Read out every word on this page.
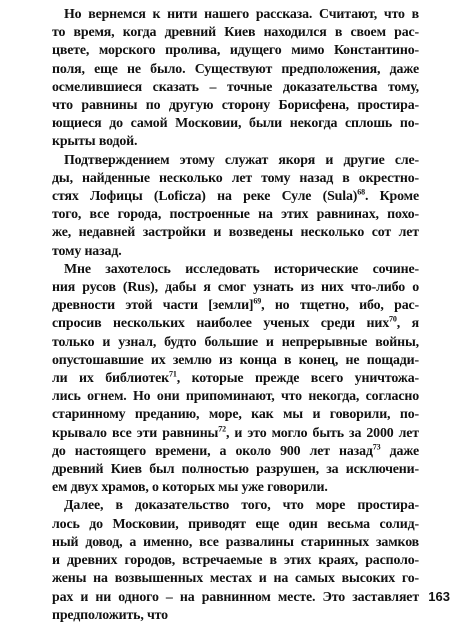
Но вернемся к нити нашего рассказа. Считают, что в
то время, когда древний Киев находился в своем рас-
цвете, морского пролива, идущего мимо Константино-
поля, еще не было. Существуют предположения, даже
осмелившиеся сказать – точные доказательства тому,
что равнины по другую сторону Борисфена, простира-
ющиеся до самой Московии, были некогда сплошь по-
крыты водой.

Подтверждением этому служат якоря и другие сле-
ды, найденные несколько лет тому назад в окрестно-
стях Лофицы (Loficza) на реке Суле (Sula)$^{68}$. Кроме
того, все города, построенные на этих равнинах, похо-
же, недавней застройки и возведены несколько сот лет
тому назад.

Мне захотелось исследовать исторические сочине-
ния русов (Rus), дабы я смог узнать из них что-либо о
древности этой части [земли]$^{69}$, но тщетно, ибо, рас-
спросив нескольких наиболее ученых среди них$^{70}$, я
только и узнал, будто большие и непрерывные войны,
опустошавшие их землю из конца в конец, не пощади-
ли их библиотек$^{71}$, которые прежде всего уничтожа-
лись огнем. Но они припоминают, что некогда, согласно
старинному преданию, море, как мы и говорили, по-
крывало все эти равнины$^{72}$, и это могло быть за 2000 лет
до настоящего времени, а около 900 лет назад$^{73}$ даже
древний Киев был полностью разрушен, за исключени-
ем двух храмов, о которых мы уже говорили.

Далее, в доказательство того, что море простира-
лось до Московии, приводят еще один весьма солид-
ный довод, а именно, все развалины старинных замков
и древних городов, встречаемые в этих краях, располо-
жены на возвышенных местах и на самых высоких го-
рах и ни одного – на равнинном месте. Это заставляет
предположить, что

163
